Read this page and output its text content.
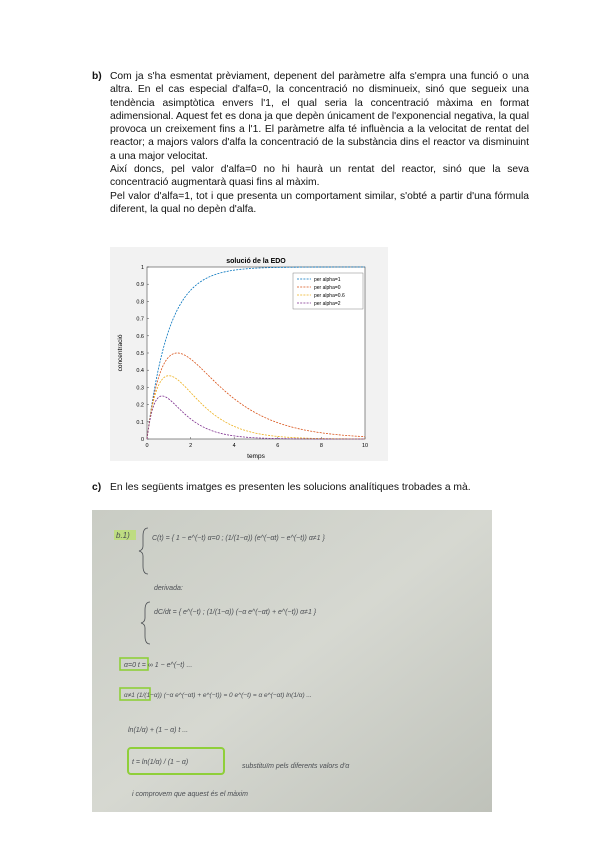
b) Com ja s'ha esmentat prèviament, depenent del paràmetre alfa s'empra una funció o una altra. En el cas especial d'alfa=0, la concentració no disminueix, sinó que segueix una tendència asimptòtica envers l'1, el qual seria la concentració màxima en format adimensional. Aquest fet es dona ja que depèn únicament de l'exponencial negativa, la qual provoca un creixement fins a l'1. El paràmetre alfa té influència a la velocitat de rentat del reactor; a majors valors d'alfa la concentració de la substància dins el reactor va disminuint a una major velocitat.

Així doncs, pel valor d'alfa=0 no hi haurà un rentat del reactor, sinó que la seva concentració augmentarà quasi fins al màxim.

Pel valor d'alfa=1, tot i que presenta un comportament similar, s'obté a partir d'una fórmula diferent, la qual no depèn d'alfa.

solució de la EDO
temps
concentració
0	2	4	6	8	10
0
0.1
0.2
0.3
0.4
0.5
0.6
0.7
0.8
0.9
1
per alpha=1
per alpha=0
per alpha=0.6
per alpha=2
c) En les següents imatges es presenten les solucions analítiques trobades a mà.

b.1)	C(t) = { 1 − e^(−t) α=0 ; (1/(1−α)) (e^(−αt) − e^(−t)) α≠1 }
derivada:
dC/dt = { e^(−t) ; (1/(1−α)) (−α e^(−αt) + e^(−t)) α≠1 }
α=0 t = ∞ 1 − e^(−t) ...
α≠1 (1/(1−α)) (−α e^(−αt) + e^(−t)) = 0 e^(−t) = α e^(−αt) ln(1/α) ...
ln(1/α) + (1 − α) t ...
t = ln(1/α) / (1 − α)
substituïm pels diferents valors d'α
i comprovem que aquest és el màxim
